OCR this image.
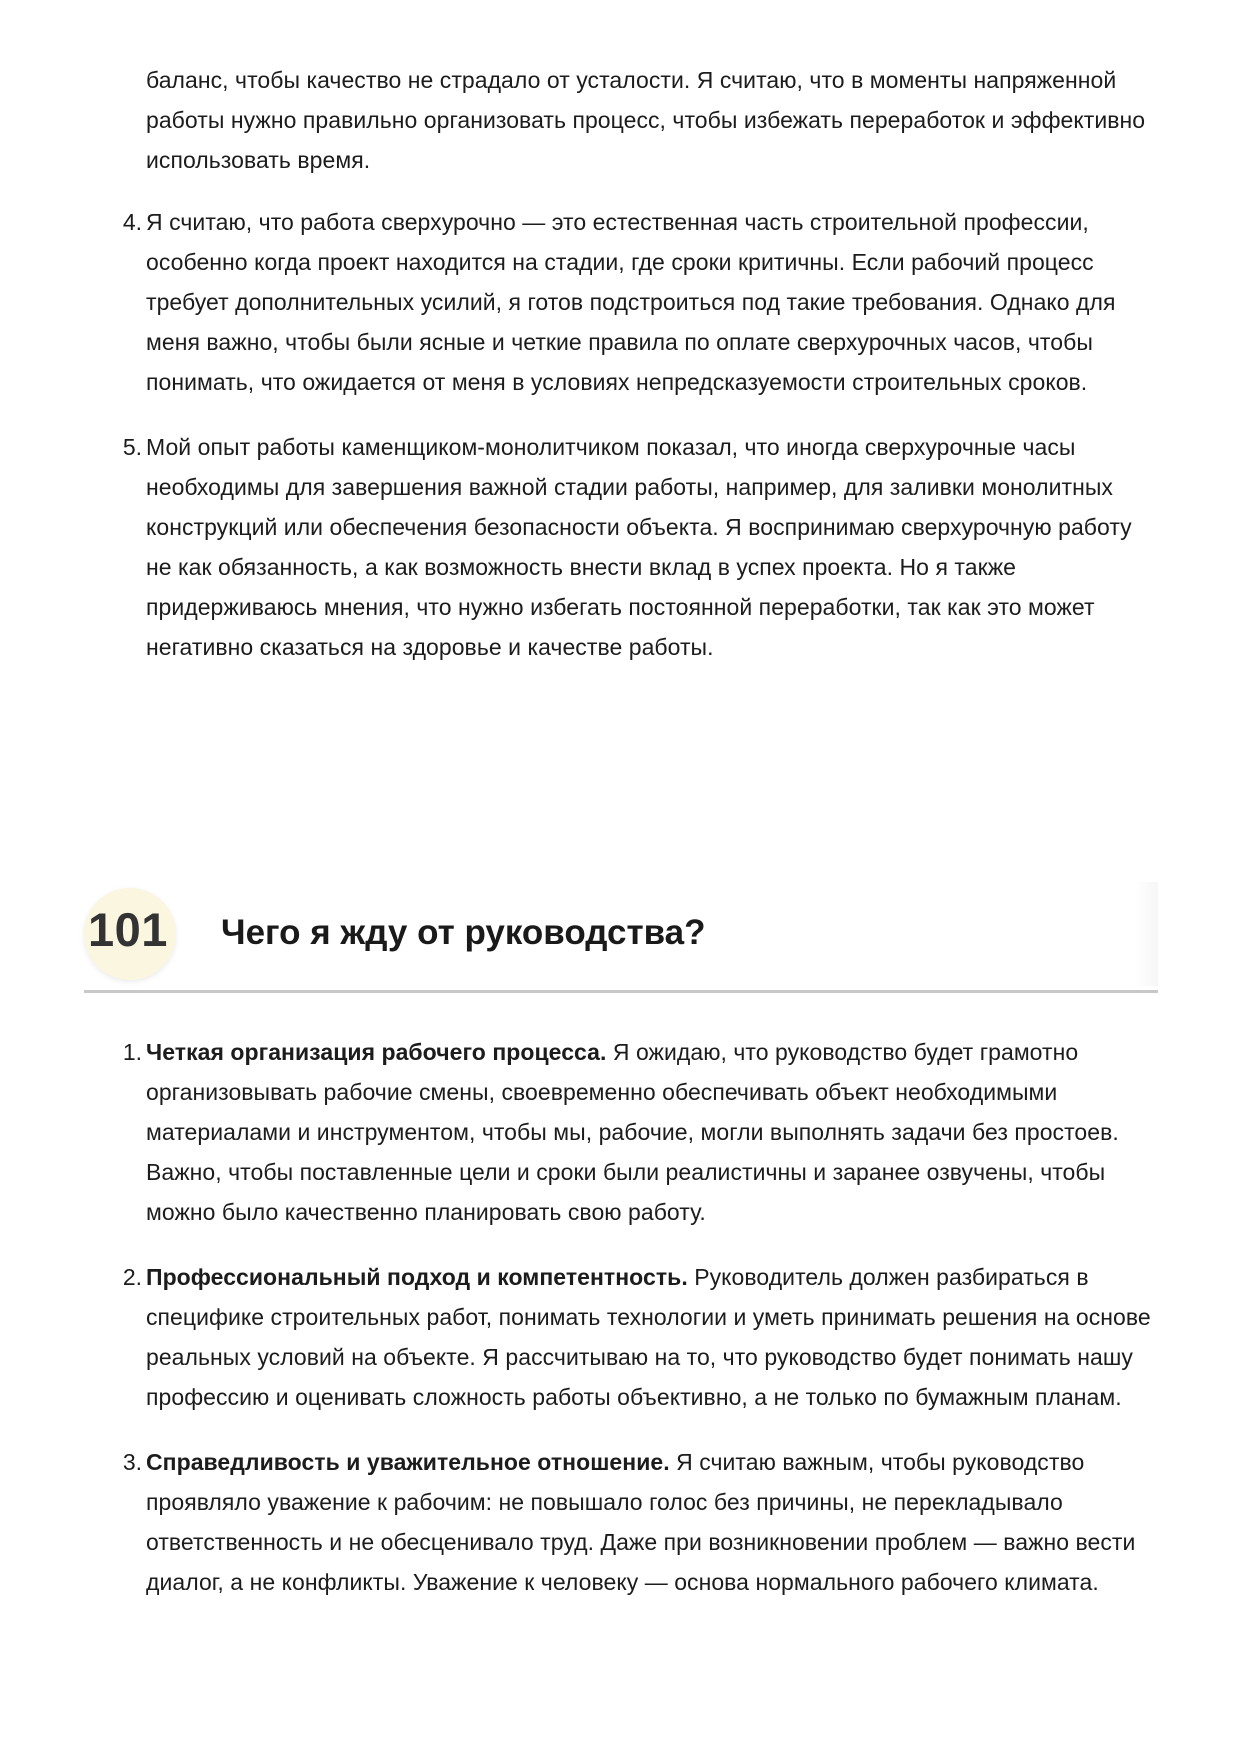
баланс, чтобы качество не страдало от усталости. Я считаю, что в моменты напряженной работы нужно правильно организовать процесс, чтобы избежать переработок и эффективно использовать время.

4. Я считаю, что работа сверхурочно — это естественная часть строительной профессии, особенно когда проект находится на стадии, где сроки критичны. Если рабочий процесс требует дополнительных усилий, я готов подстроиться под такие требования. Однако для меня важно, чтобы были ясные и четкие правила по оплате сверхурочных часов, чтобы понимать, что ожидается от меня в условиях непредсказуемости строительных сроков.
5. Мой опыт работы каменщиком-монолитчиком показал, что иногда сверхурочные часы необходимы для завершения важной стадии работы, например, для заливки монолитных конструкций или обеспечения безопасности объекта. Я воспринимаю сверхурочную работу не как обязанность, а как возможность внести вклад в успех проекта. Но я также придерживаюсь мнения, что нужно избегать постоянной переработки, так как это может негативно сказаться на здоровье и качестве работы.
101 Чего я жду от руководства?
1. Четкая организация рабочего процесса. Я ожидаю, что руководство будет грамотно организовывать рабочие смены, своевременно обеспечивать объект необходимыми материалами и инструментом, чтобы мы, рабочие, могли выполнять задачи без простоев. Важно, чтобы поставленные цели и сроки были реалистичны и заранее озвучены, чтобы можно было качественно планировать свою работу.
2. Профессиональный подход и компетентность. Руководитель должен разбираться в специфике строительных работ, понимать технологии и уметь принимать решения на основе реальных условий на объекте. Я рассчитываю на то, что руководство будет понимать нашу профессию и оценивать сложность работы объективно, а не только по бумажным планам.
3. Справедливость и уважительное отношение. Я считаю важным, чтобы руководство проявляло уважение к рабочим: не повышало голос без причины, не перекладывало ответственность и не обесценивало труд. Даже при возникновении проблем — важно вести диалог, а не конфликты. Уважение к человеку — основа нормального рабочего климата.
